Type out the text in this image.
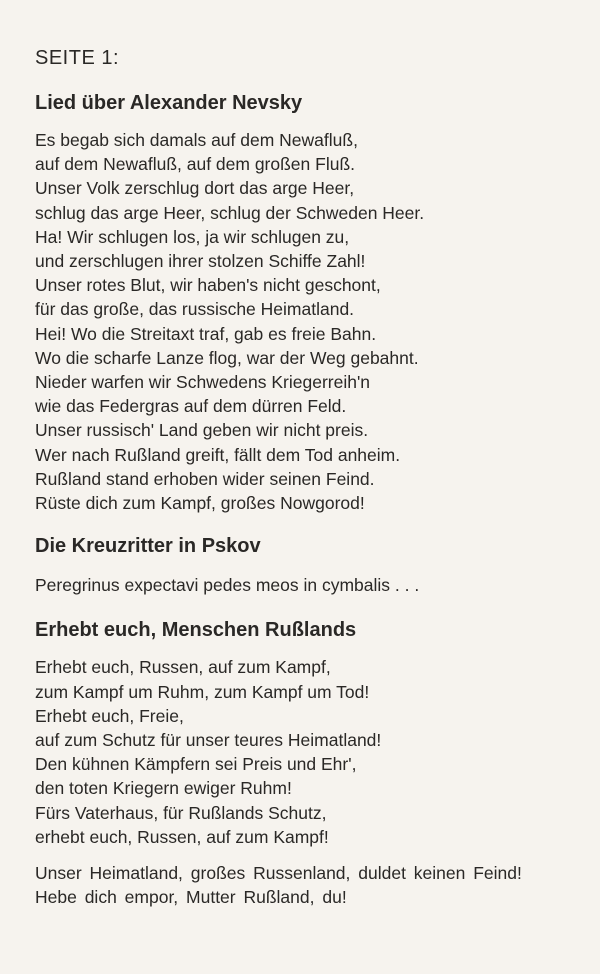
SEITE 1:
Lied über Alexander Nevsky
Es begab sich damals auf dem Newafluß,
auf dem Newafluß, auf dem großen Fluß.
Unser Volk zerschlug dort das arge Heer,
schlug das arge Heer, schlug der Schweden Heer.
Ha! Wir schlugen los, ja wir schlugen zu,
und zerschlugen ihrer stolzen Schiffe Zahl!
Unser rotes Blut, wir haben's nicht geschont,
für das große, das russische Heimatland.
Hei! Wo die Streitaxt traf, gab es freie Bahn.
Wo die scharfe Lanze flog, war der Weg gebahnt.
Nieder warfen wir Schwedens Kriegerreih'n
wie das Federgras auf dem dürren Feld.
Unser russisch' Land geben wir nicht preis.
Wer nach Rußland greift, fällt dem Tod anheim.
Rußland stand erhoben wider seinen Feind.
Rüste dich zum Kampf, großes Nowgorod!
Die Kreuzritter in Pskov
Peregrinus expectavi pedes meos in cymbalis . . .
Erhebt euch, Menschen Rußlands
Erhebt euch, Russen, auf zum Kampf,
zum Kampf um Ruhm, zum Kampf um Tod!
Erhebt euch, Freie,
auf zum Schutz für unser teures Heimatland!
Den kühnen Kämpfern sei Preis und Ehr',
den toten Kriegern ewiger Ruhm!
Fürs Vaterhaus, für Rußlands Schutz,
erhebt euch, Russen, auf zum Kampf!
Unser Heimatland, großes Russenland, duldet keinen Feind!
Hebe dich empor, Mutter Rußland, du!
